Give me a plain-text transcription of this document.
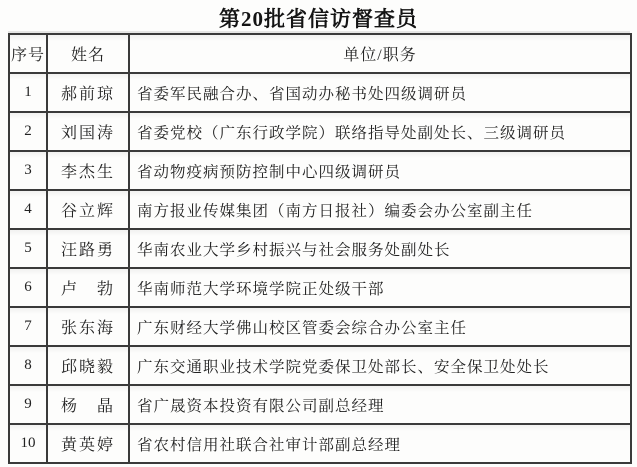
第20批省信访督查员
序号	姓名	单位/职务
1	郝前琼	省委军民融合办、省国动办秘书处四级调研员
2	刘国涛	省委党校（广东行政学院）联络指导处副处长、三级调研员
3	李杰生	省动物疫病预防控制中心四级调研员
4	谷立辉	南方报业传媒集团（南方日报社）编委会办公室副主任
5	汪路勇	华南农业大学乡村振兴与社会服务处副处长
6	卢　勃	华南师范大学环境学院正处级干部
7	张东海	广东财经大学佛山校区管委会综合办公室主任
8	邱晓毅	广东交通职业技术学院党委保卫处部长、安全保卫处处长
9	杨　晶	省广晟资本投资有限公司副总经理
10	黄英婷	省农村信用社联合社审计部副总经理
